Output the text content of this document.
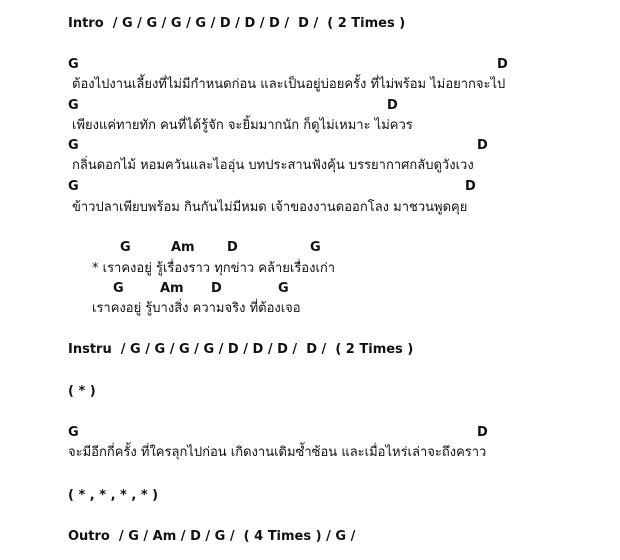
Intro  / G / G / G / G / D / D / D /  D /  ( 2 Times )
G	D
ต้องไปงานเลี้ยงที่ไม่มีกำหนดก่อน และเป็นอยู่บ่อยครั้ง ที่ไม่พร้อม ไม่อยากจะไป
G	D
เพียงแค่ทายทัก คนที่ได้รู้จัก จะยิ้มมากนัก ก็ดูไม่เหมาะ ไม่ควร
G	D
กลิ่นดอกไม้ หอมควันและไออุ่น บทประสานฟังคุ้น บรรยากาศกลับดูวังเวง
G	D
ข้าวปลาเพียบพร้อม กินกันไม่มีหมด เจ้าของงานดออกโลง มาชวนพูดคุย
G	Am D	G
* เราคงอยู่ รู้เรื่องราว ทุกข่าว คล้ายเรื่องเก่า
G	Am D	G
เราคงอยู่ รู้บางสิ่ง ความจริง ที่ต้องเจอ
Instru  / G / G / G / G / D / D / D /  D /  ( 2 Times )
( * )
G	D
จะมีอีกกี่ครั้ง ที่ใครลุกไปก่อน เกิดงานเดิมซ้ำซ้อน และเมื่อไหร่เล่าจะถึงคราว
( * , * , * , * )
Outro  / G / Am / D / G /  ( 4 Times ) / G /
